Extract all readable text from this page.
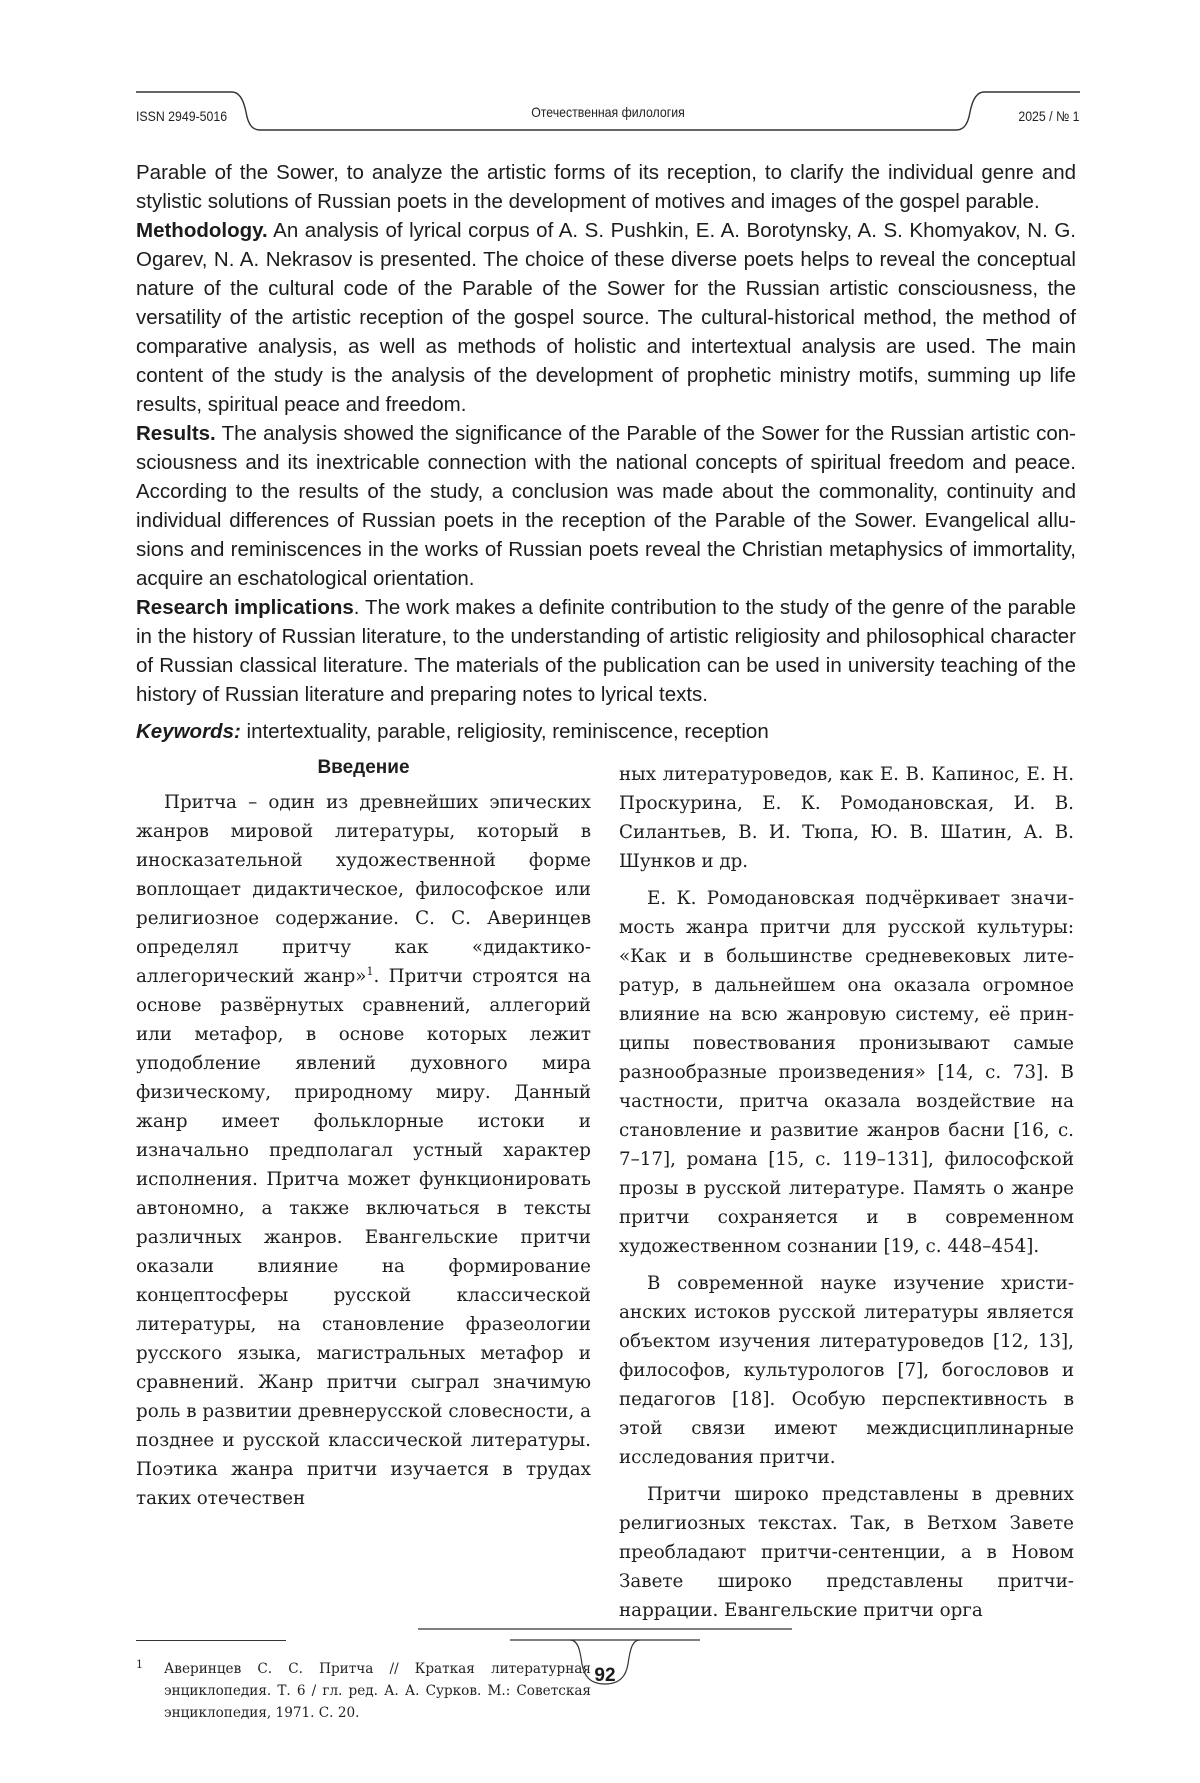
ISSN 2949-5016	Отечественная филология	2025 / № 1

Parable of the Sower, to analyze the artistic forms of its reception, to clarify the individual genre and stylistic solutions of Russian poets in the development of motives and images of the gospel parable.

Methodology. An analysis of lyrical corpus of A. S. Pushkin, E. A. Borotynsky, A. S. Khomyakov, N. G. Ogarev, N. A. Nekrasov is presented. The choice of these diverse poets helps to reveal the conceptual nature of the cultural code of the Parable of the Sower for the Russian artistic consciousness, the versatility of the artistic reception of the gospel source. The cultural-historical method, the method of comparative analysis, as well as methods of holistic and intertextual analysis are used. The main content of the study is the analysis of the development of prophetic ministry motifs, summing up life results, spiritual peace and freedom.

Results. The analysis showed the significance of the Parable of the Sower for the Russian artistic consciousness and its inextricable connection with the national concepts of spiritual freedom and peace. According to the results of the study, a conclusion was made about the commonality, continuity and individual differences of Russian poets in the reception of the Parable of the Sower. Evangelical allusions and reminiscences in the works of Russian poets reveal the Christian metaphysics of immortality, acquire an eschatological orientation.

Research implications. The work makes a definite contribution to the study of the genre of the parable in the history of Russian literature, to the understanding of artistic religiosity and philosophical character of Russian classical literature. The materials of the publication can be used in university teaching of the history of Russian literature and preparing notes to lyrical texts.

Keywords: intertextuality, parable, religiosity, reminiscence, reception

Введение

Притча – один из древнейших эпических жанров мировой литературы, который в иносказательной художественной форме воплощает дидактическое, философское или религиозное содержание. С. С. Аверинцев определял притчу как «дидактико-аллегорический жанр»$^1$. Притчи строятся на основе развёрнутых сравнений, аллегорий или метафор, в основе которых лежит уподобление явлений духовного мира физическому, природному миру. Данный жанр имеет фольклорные истоки и изначально предполагал устный характер исполнения. Притча может функционировать автономно, а также включаться в тексты различных жанров. Евангельские притчи оказали влияние на формирование концептосферы русской классической литературы, на становление фразеологии русского языка, магистральных метафор и сравнений. Жанр притчи сыграл значимую роль в развитии древнерусской словесности, а позднее и русской классической литературы. Поэтика жанра притчи изучается в трудах таких отечествен

ных литературоведов, как Е. В. Капинос, Е. Н. Проскурина, Е. К. Ромодановская, И. В. Силантьев, В. И. Тюпа, Ю. В. Шатин, А. В. Шунков и др.

Е. К. Ромодановская подчёркивает значимость жанра притчи для русской культуры: «Как и в большинстве средневековых литератур, в дальнейшем она оказала огромное влияние на всю жанровую систему, её принципы повествования пронизывают самые разнообразные произведения» [14, с. 73]. В частности, притча оказала воздействие на становление и развитие жанров басни [16, с. 7–17], романа [15, с. 119–131], философской прозы в русской литературе. Память о жанре притчи сохраняется и в современном художественном сознании [19, с. 448–454].

В современной науке изучение христианских истоков русской литературы является объектом изучения литературоведов [12, 13], философов, культурологов [7], богословов и педагогов [18]. Особую перспективность в этой связи имеют междисциплинарные исследования притчи.

Притчи широко представлены в древних религиозных текстах. Так, в Ветхом Завете преобладают притчи-сентенции, а в Новом Завете широко представлены притчи-наррации. Евангельские притчи орга

1	Аверинцев С. С. Притча // Краткая литературная энциклопедия. Т. 6 / гл. ред. А. А. Сурков. М.: Советская энциклопедия, 1971. С. 20.
92
